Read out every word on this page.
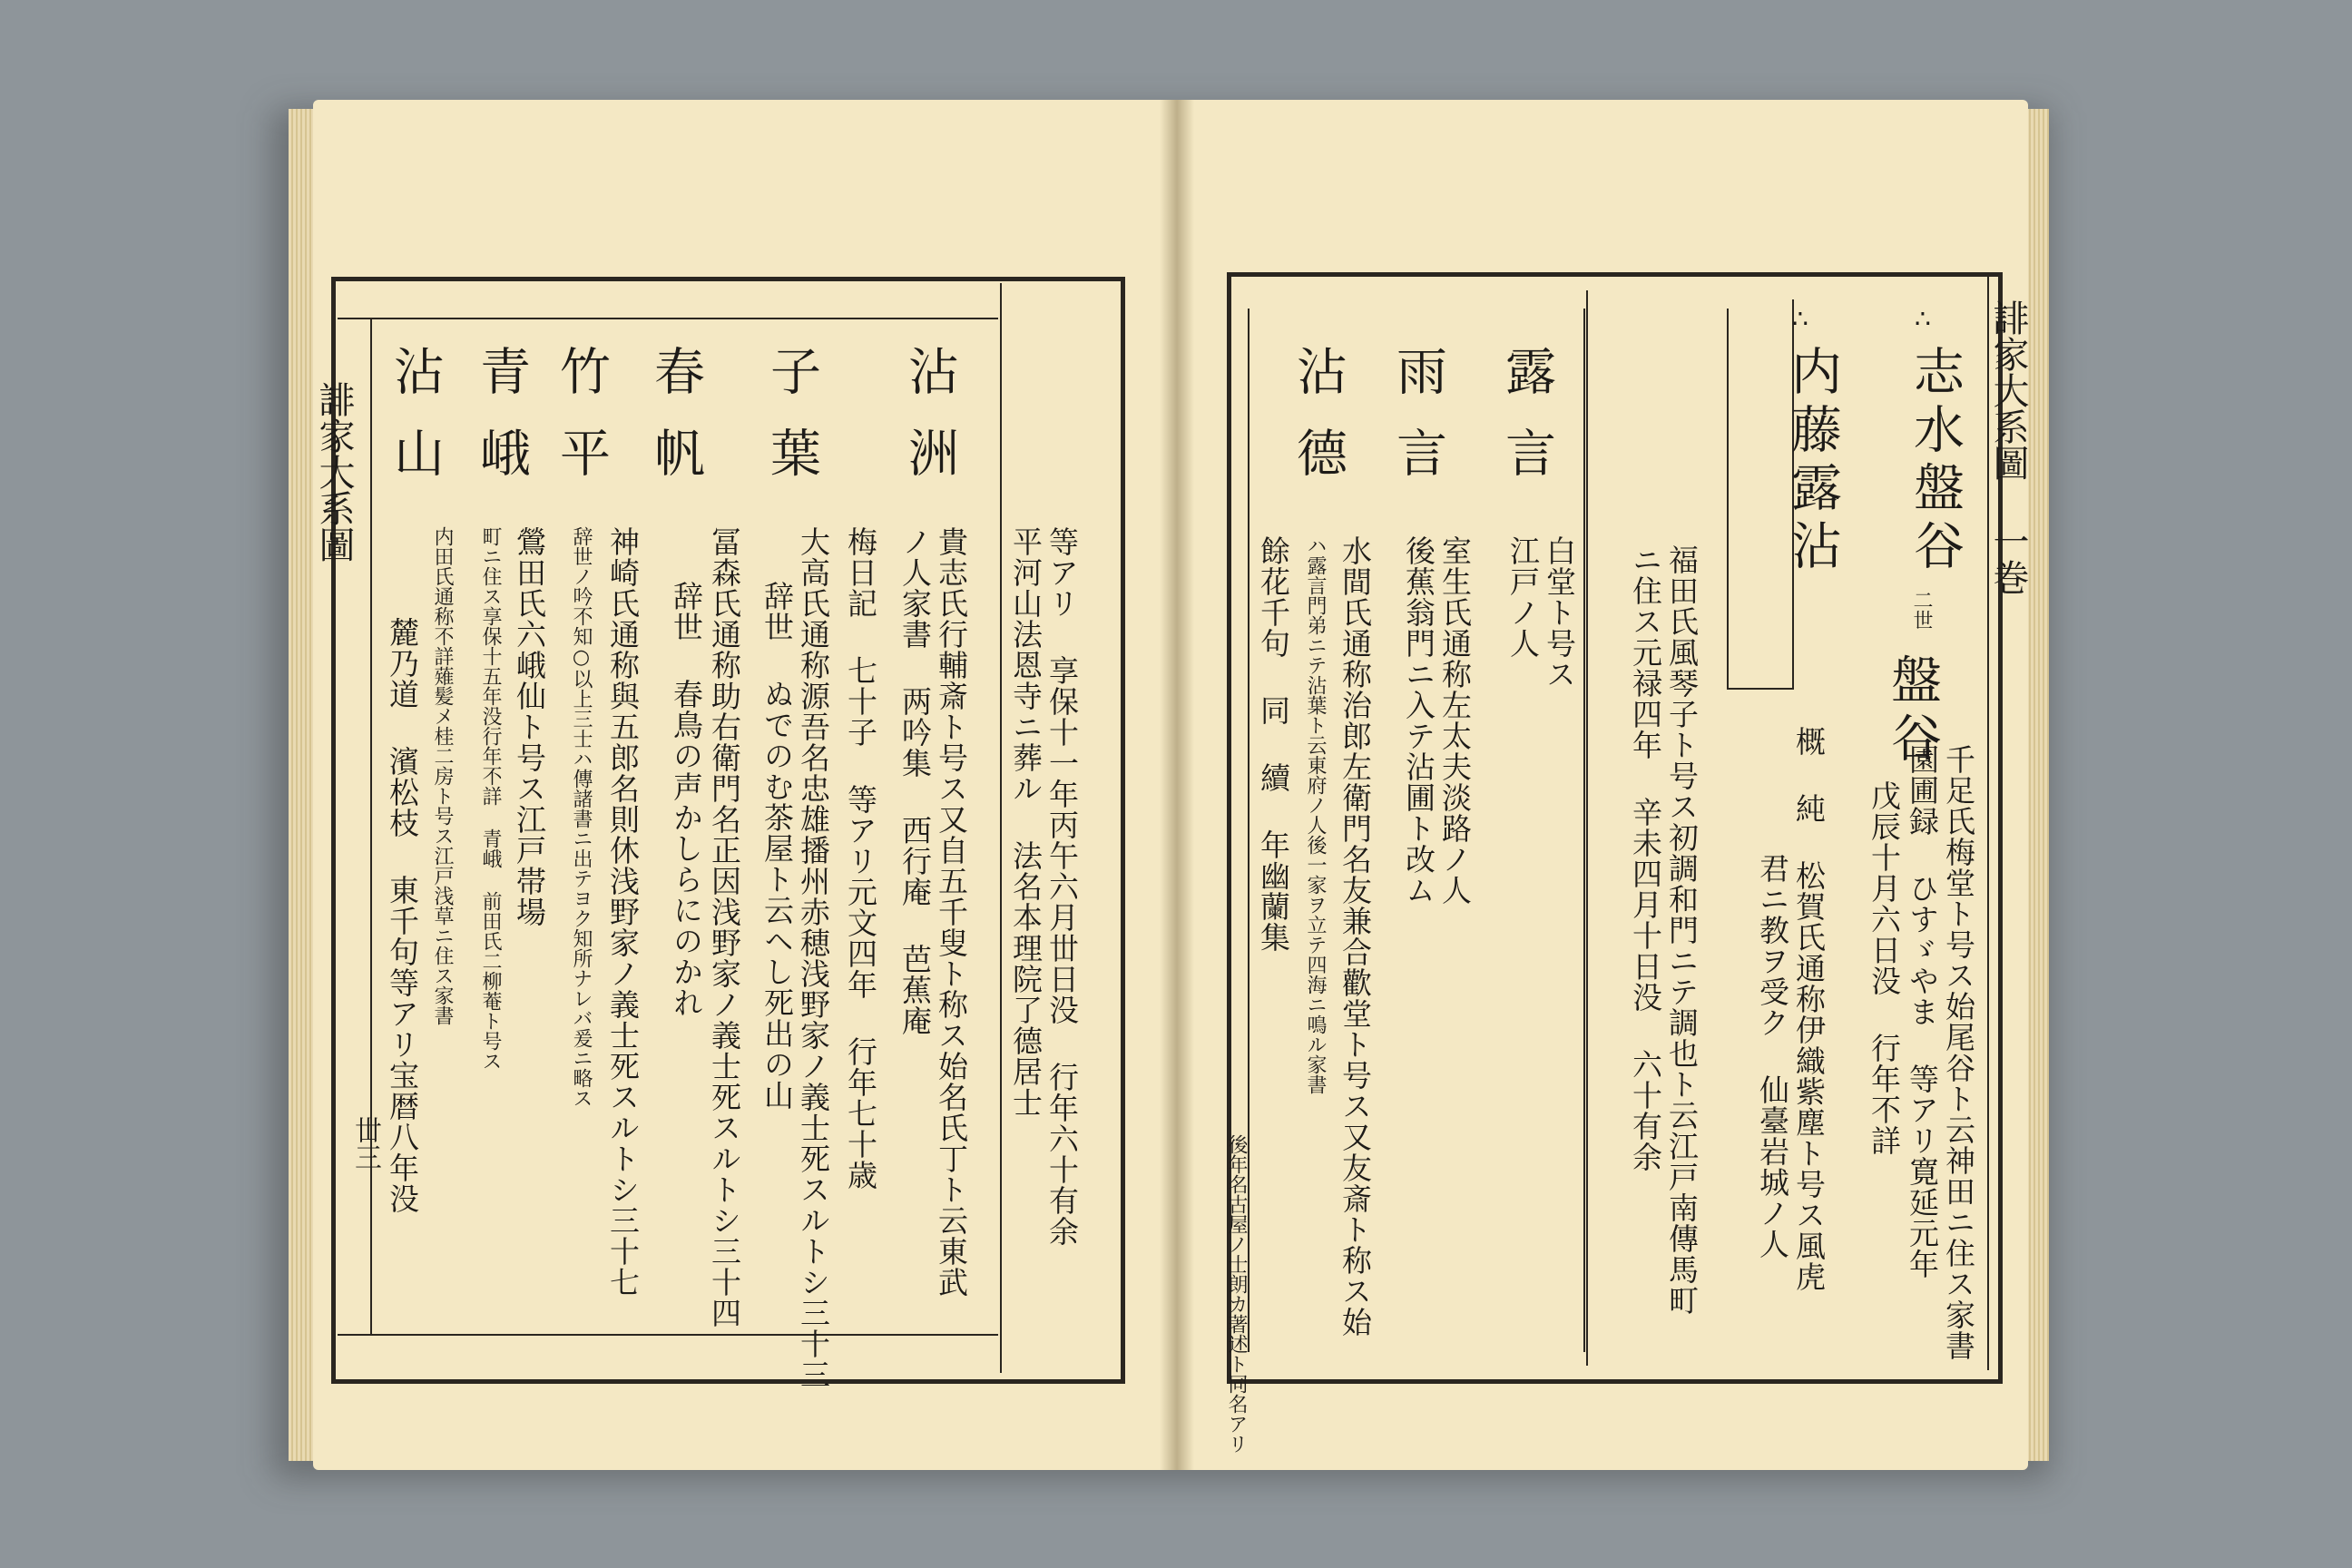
誹家大系圖
丗三
沾
洲
子
葉
春
帆
竹
平
青
峨
沾
山
等アリ 享保十一年丙午六月丗日没 行年六十有余
平河山法恩寺ニ葬ル 法名本理院了德居士
貴志氏行輔斎ト号ス又自五千叟ト称ス始名氏丁ト云東武
ノ人家書 两吟集 西行庵 芭蕉庵
梅日記 七十子 等アリ元文四年 行年七十歳
大高氏通称源吾名忠雄播州赤穂浅野家ノ義士死スルトシ三十三
辞世 ぬでのむ茶屋ト云ヘし死出の山
冨森氏通称助右衛門名正因浅野家ノ義士死スルトシ三十四
辞世 春鳥の声かしらにのかれ
神崎氏通称與五郎名則休浅野家ノ義士死スルトシ三十七
辞世ノ吟不知○以上三士ハ傳諸書ニ出テヨク知所ナレバ爰ニ略ス
鶯田氏六峨仙ト号ス江戸帯場
町ニ住ス享保十五年没行年不詳 青峨 前田氏二柳菴ト号ス
内田氏通称不詳薙髪メ桂二房ト号ス江戸浅草ニ住ス家書
麓乃道 濱松枝 東千句等アリ宝暦八年没
誹家大系圖 一巻
∴
志水盤谷
二世
盤谷
∴
内藤露沾
露
言
雨
言
沾
德
千足氏梅堂ト号ス始尾谷ト云神田ニ住ス家書
園圃録 ひすゞやま 等アリ寛延元年
戊辰十月六日没 行年不詳
概 純 松賀氏通称伊織紫塵ト号ス風虎
君ニ教ヲ受ク 仙臺岩城ノ人
福田氏風琴子ト号ス初調和門ニテ調也ト云江戸南傳馬町
ニ住ス元禄四年 辛未四月十日没 六十有余
白堂ト号ス
江戸ノ人
室生氏通称左太夫淡路ノ人
後蕉翁門ニ入テ沾圃ト改ム
水間氏通称治郎左衛門名友兼合歡堂ト号ス又友斎ト称ス始
ハ露言門弟ニテ沾葉ト云東府ノ人後一家ヲ立テ四海ニ鳴ル家書
餘花千句 同 續 年幽蘭集
後年名古屋ノ士朗カ著述ト同名アリ
